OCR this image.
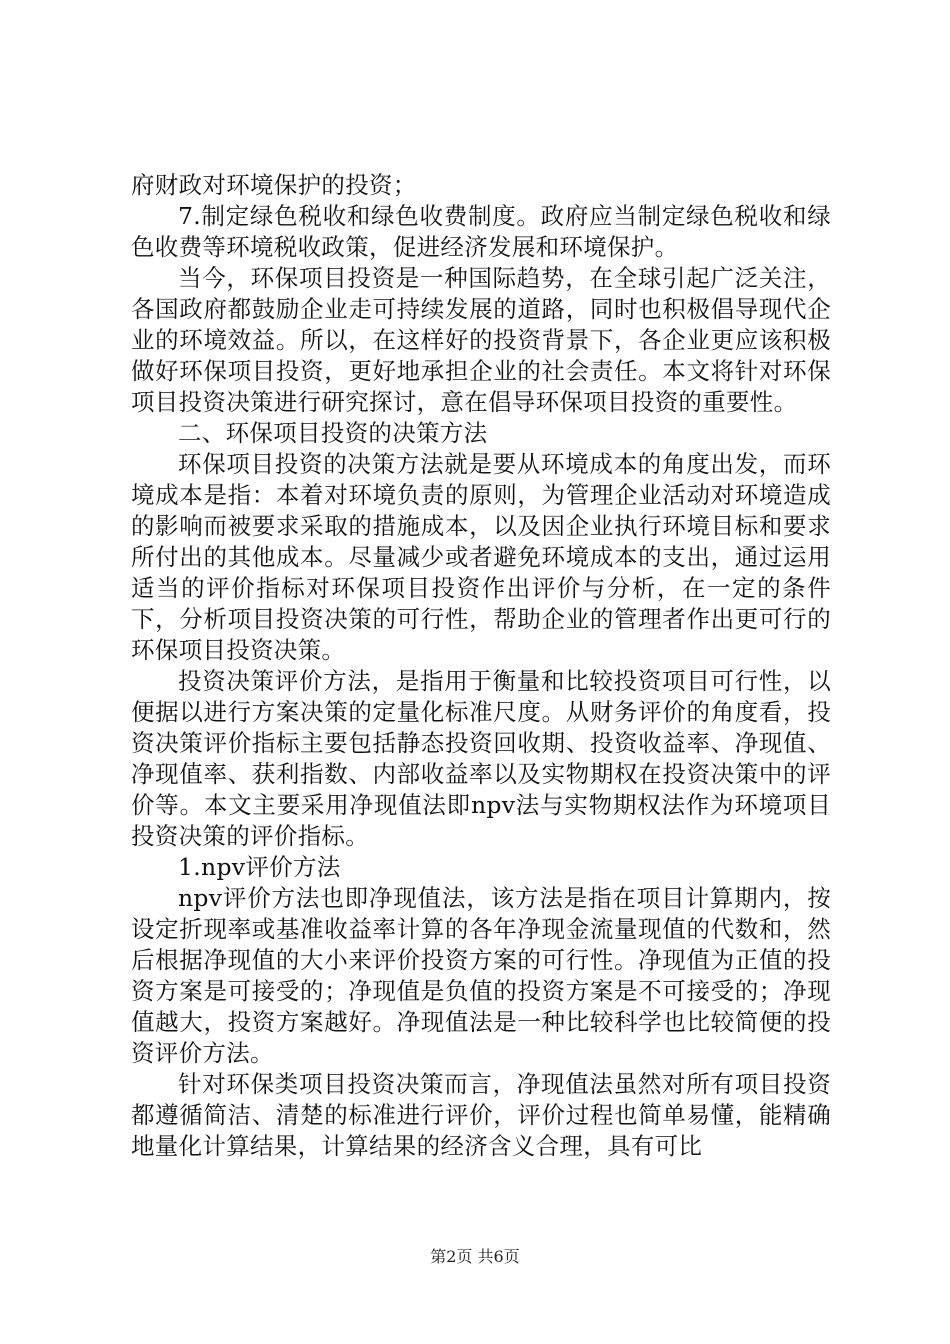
府财政对环境保护的投资；

7.制定绿色税收和绿色收费制度。政府应当制定绿色税收和绿色收费等环境税收政策，促进经济发展和环境保护。

当今，环保项目投资是一种国际趋势，在全球引起广泛关注，各国政府都鼓励企业走可持续发展的道路，同时也积极倡导现代企业的环境效益。所以，在这样好的投资背景下，各企业更应该积极做好环保项目投资，更好地承担企业的社会责任。本文将针对环保项目投资决策进行研究探讨，意在倡导环保项目投资的重要性。

二、环保项目投资的决策方法

环保项目投资的决策方法就是要从环境成本的角度出发，而环境成本是指：本着对环境负责的原则，为管理企业活动对环境造成的影响而被要求采取的措施成本，以及因企业执行环境目标和要求所付出的其他成本。尽量减少或者避免环境成本的支出，通过运用适当的评价指标对环保项目投资作出评价与分析，在一定的条件下，分析项目投资决策的可行性，帮助企业的管理者作出更可行的环保项目投资决策。

投资决策评价方法，是指用于衡量和比较投资项目可行性，以便据以进行方案决策的定量化标准尺度。从财务评价的角度看，投资决策评价指标主要包括静态投资回收期、投资收益率、净现值、净现值率、获利指数、内部收益率以及实物期权在投资决策中的评价等。本文主要采用净现值法即npv法与实物期权法作为环境项目投资决策的评价指标。

1.npv评价方法

npv评价方法也即净现值法，该方法是指在项目计算期内，按设定折现率或基准收益率计算的各年净现金流量现值的代数和，然后根据净现值的大小来评价投资方案的可行性。净现值为正值的投资方案是可接受的；净现值是负值的投资方案是不可接受的；净现值越大，投资方案越好。净现值法是一种比较科学也比较简便的投资评价方法。

针对环保类项目投资决策而言，净现值法虽然对所有项目投资都遵循简洁、清楚的标准进行评价，评价过程也简单易懂，能精确地量化计算结果，计算结果的经济含义合理，具有可比

第2页 共6页
